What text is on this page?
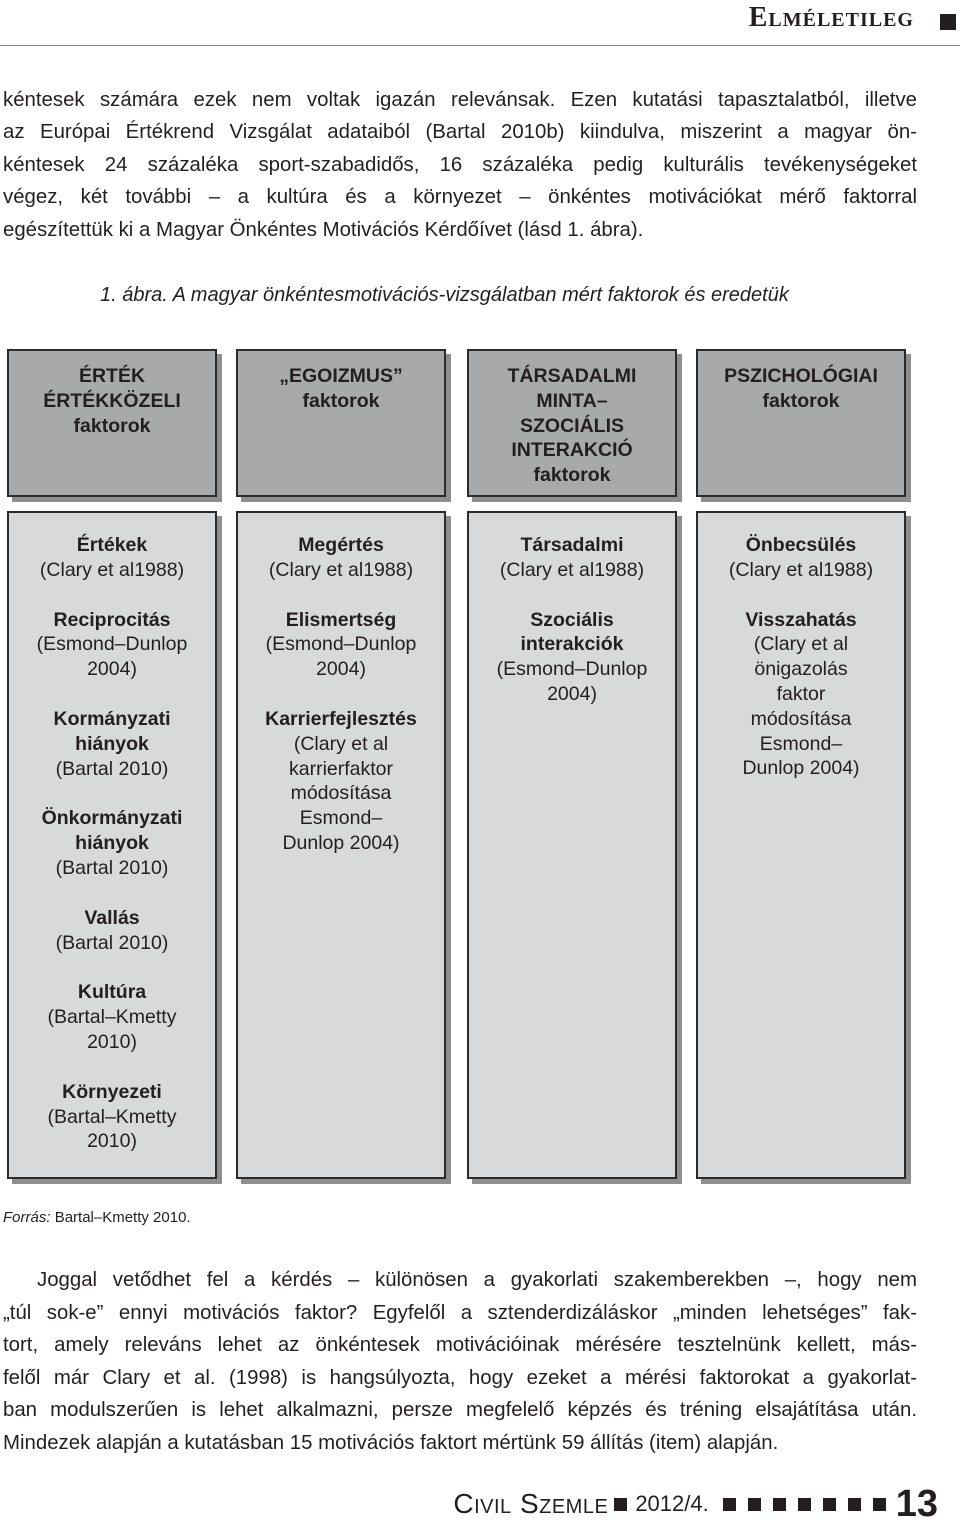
Elméletileg
kéntesek számára ezek nem voltak igazán relevánsak. Ezen kutatási tapasztalatból, illetve
az Európai Értékrend Vizsgálat adataiból (Bartal 2010b) kiindulva, miszerint a magyar ön-
kéntesek 24 százaléka sport-szabadidős, 16 százaléka pedig kulturális tevékenységeket
végez, két további – a kultúra és a környezet – önkéntes motivációkat mérő faktorral
egészítettük ki a Magyar Önkéntes Motivációs Kérdőívet (lásd 1. ábra).
1. ábra. A magyar önkéntesmotivációs-vizsgálatban mért faktorok és eredetük
ÉRTÉK
ÉRTÉKKÖZELI
faktorok
„EGOIZMUS”
faktorok
TÁRSADALMI
MINTA–
SZOCIÁLIS
INTERAKCIÓ
faktorok
PSZICHOLÓGIAI
faktorok
Értékek
(Clary et al1988)
Reciprocitás
(Esmond–Dunlop 2004)
Kormányzati hiányok
(Bartal 2010)
Önkormányzati hiányok
(Bartal 2010)
Vallás
(Bartal 2010)
Kultúra
(Bartal–Kmetty 2010)
Környezeti
(Bartal–Kmetty 2010)
Megértés
(Clary et al1988)
Elismertség
(Esmond–Dunlop 2004)
Karrierfejlesztés
(Clary et al karrierfaktor módosítása Esmond–Dunlop 2004)
Társadalmi
(Clary et al1988)
Szociális interakciók
(Esmond–Dunlop 2004)
Önbecsülés
(Clary et al1988)
Visszahatás
(Clary et al önigazolás faktor módosítása Esmond–Dunlop 2004)
Forrás: Bartal–Kmetty 2010.
Joggal vetődhet fel a kérdés – különösen a gyakorlati szakemberekben –, hogy nem
„túl sok-e” ennyi motivációs faktor? Egyfelől a sztenderdizáláskor „minden lehetséges” fak-
tort, amely releváns lehet az önkéntesek motivációinak mérésére tesztelnünk kellett, más-
felől már Clary et al. (1998) is hangsúlyozta, hogy ezeket a mérési faktorokat a gyakorlat-
ban modulszerűen is lehet alkalmazni, persze megfelelő képzés és tréning elsajátítása után.
Mindezek alapján a kutatásban 15 motivációs faktort mértünk 59 állítás (item) alapján.
Civil Szemle 2012/4.	13
